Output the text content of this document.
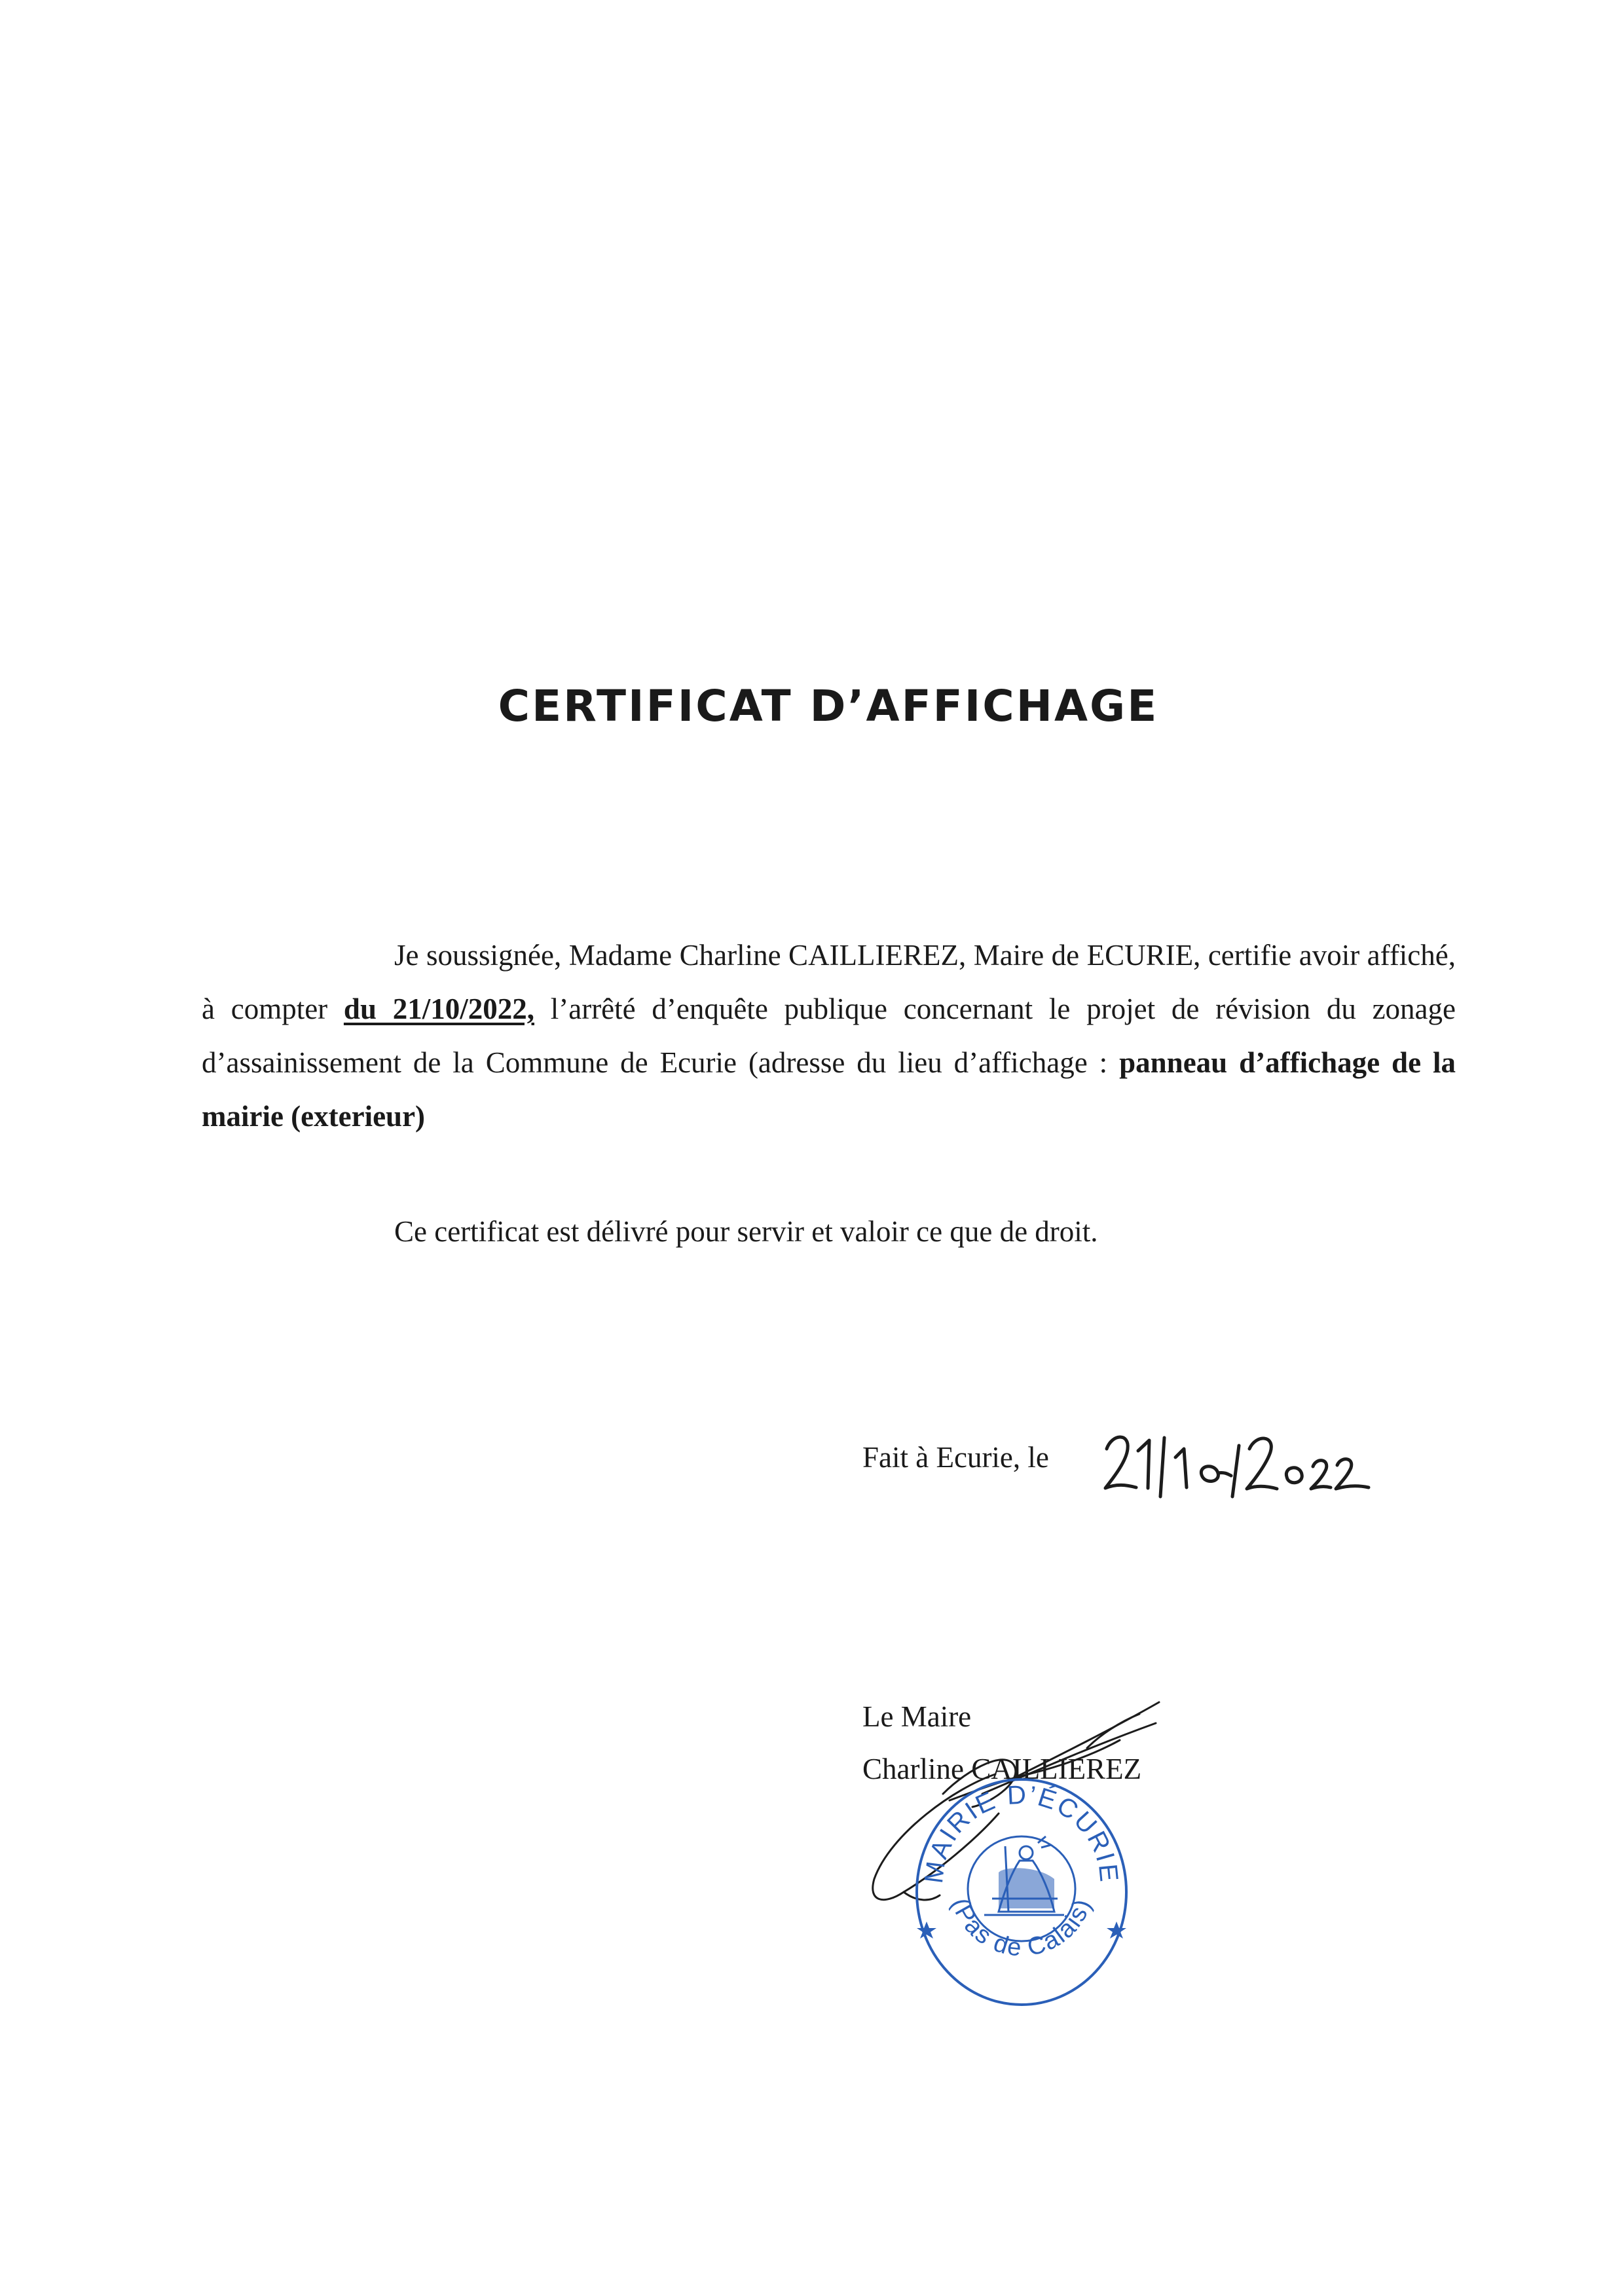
CERTIFICAT D’AFFICHAGE
Je soussignée, Madame Charline CAILLIEREZ, Maire de ECURIE, certifie avoir affiché, à compter du 21/10/2022, l’arrêté d’enquête publique concernant le projet de révision du zonage d’assainissement de la Commune de Ecurie (adresse du lieu d’affichage : panneau d’affichage de la mairie (exterieur)
Ce certificat est délivré pour servir et valoir ce que de droit.
Fait à Ecurie, le
Le Maire
Charline CAILLIEREZ
MAIRIE D’ÉCURIE
(Pas de Calais)
